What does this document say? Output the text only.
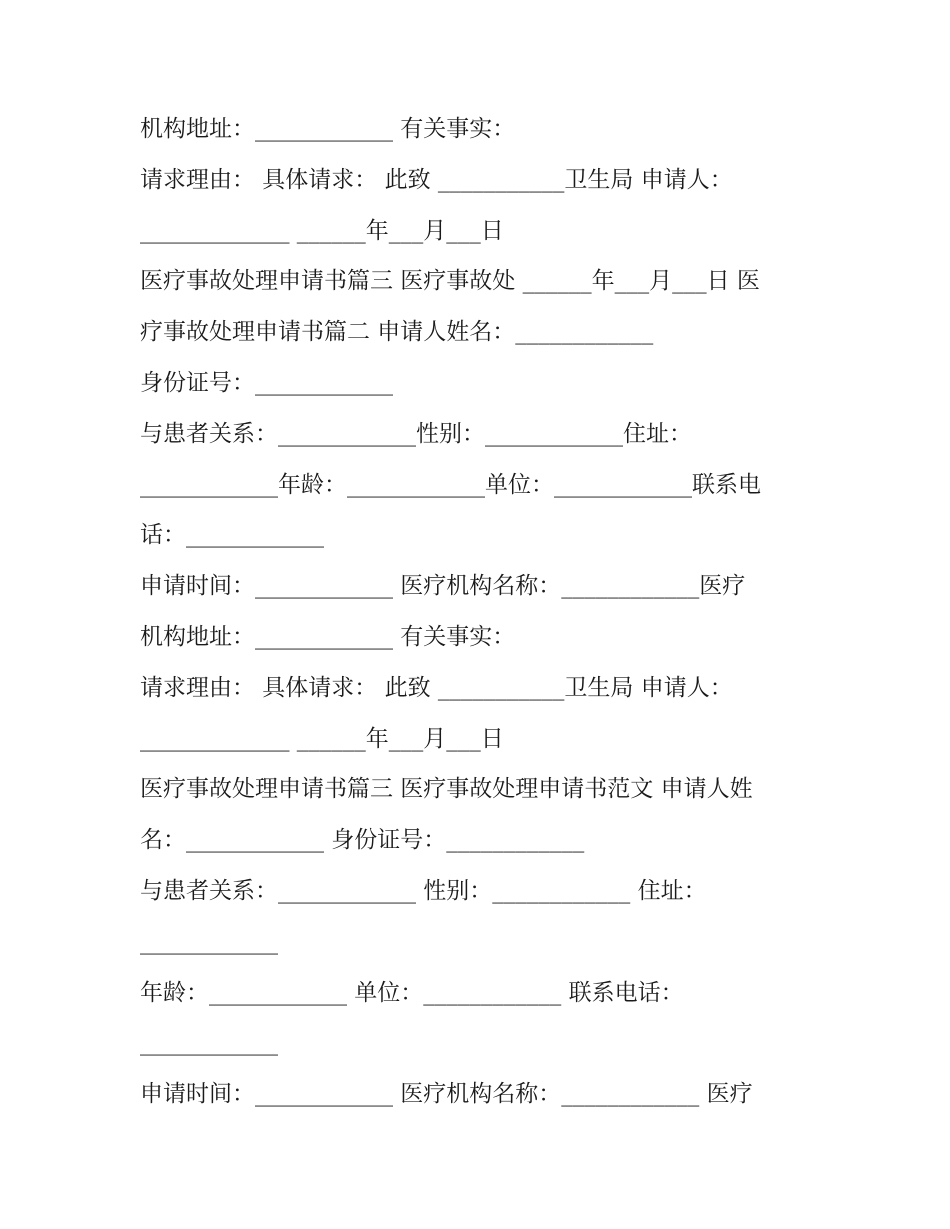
机构地址：____________ 有关事实：
请求理由： 具体请求： 此致 ___________卫生局 申请人：
_____________ ______年___月___日
医疗事故处理申请书篇三 医疗事故处 ______年___月___日 医
疗事故处理申请书篇二 申请人姓名：____________
身份证号：____________
与患者关系：____________性别：____________住址：
____________年龄：____________单位：____________联系电
话：____________
申请时间：____________ 医疗机构名称：____________医疗
机构地址：____________ 有关事实：
请求理由： 具体请求： 此致 ___________卫生局 申请人：
_____________ ______年___月___日
医疗事故处理申请书篇三 医疗事故处理申请书范文 申请人姓
名：____________ 身份证号：____________
与患者关系：____________ 性别：____________ 住址：
____________
年龄：____________ 单位：____________ 联系电话：
____________
申请时间：____________ 医疗机构名称：____________ 医疗
